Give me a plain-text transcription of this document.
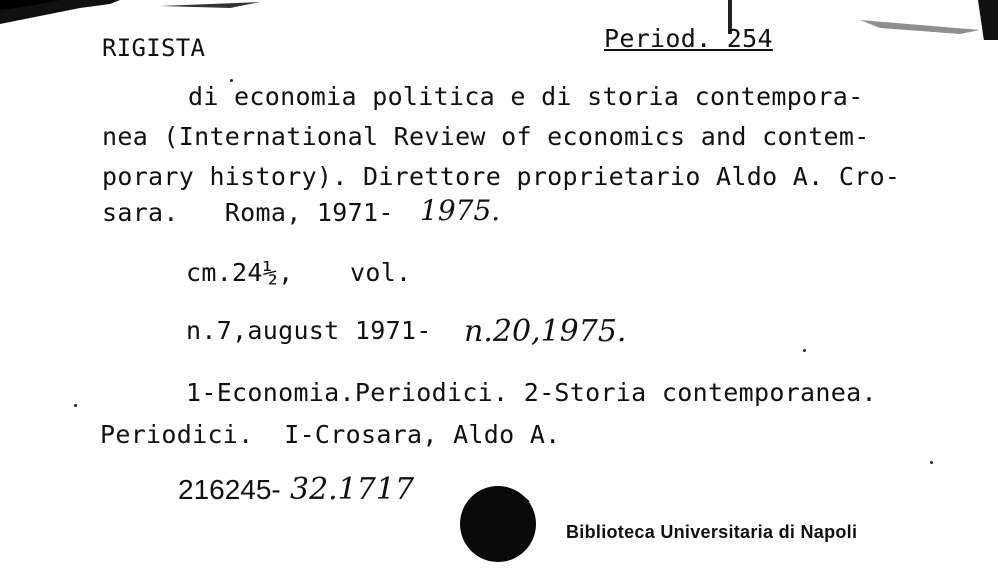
RIGISTA	Period. 254
di economia politica e di storia contempora-
nea (International Review of economics and contem-
porary history). Direttore proprietario Aldo A. Cro-
sara.   Roma, 1971- 1975.
cm.24½, vol.
n.7,august 1971- n.20,1975.
1-Economia.Periodici. 2-Storia contemporanea.
Periodici.  I-Crosara, Aldo A.
216245- 32.1717
Biblioteca Universitaria di Napoli
